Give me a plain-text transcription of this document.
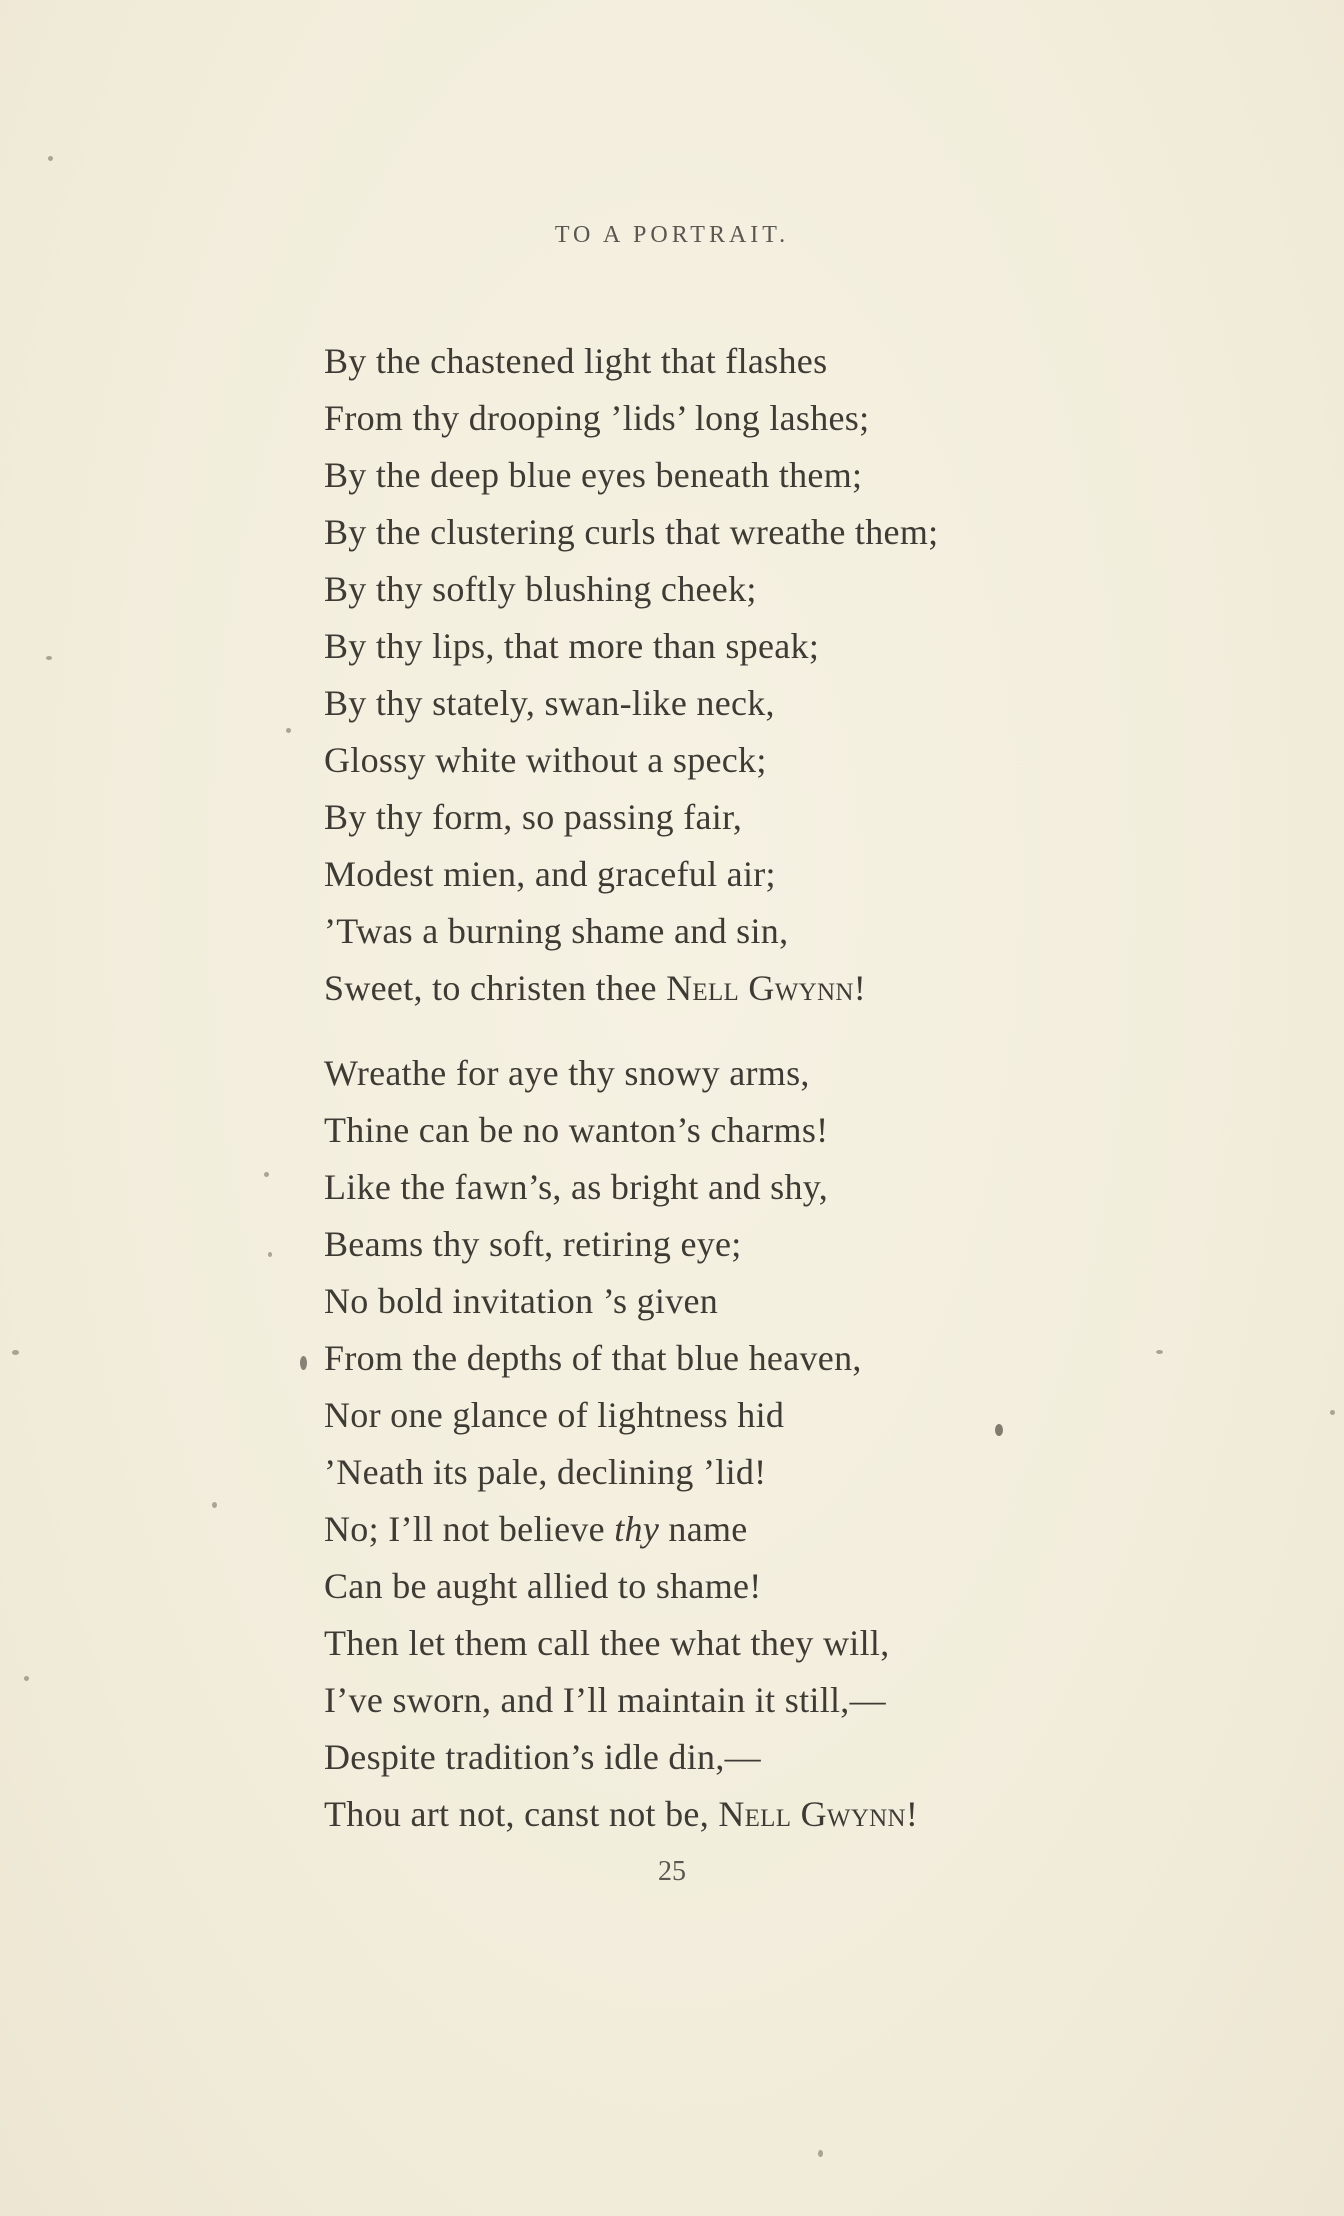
TO A PORTRAIT.
By the chastened light that flashes
From thy drooping ’lids’ long lashes;
By the deep blue eyes beneath them;
By the clustering curls that wreathe them;
By thy softly blushing cheek;
By thy lips, that more than speak;
By thy stately, swan-like neck,
Glossy white without a speck;
By thy form, so passing fair,
Modest mien, and graceful air;
’Twas a burning shame and sin,
Sweet, to christen thee Nell Gwynn!
Wreathe for aye thy snowy arms,
Thine can be no wanton’s charms!
Like the fawn’s, as bright and shy,
Beams thy soft, retiring eye;
No bold invitation ’s given
From the depths of that blue heaven,
Nor one glance of lightness hid
’Neath its pale, declining ’lid!
No; I’ll not believe thy name
Can be aught allied to shame!
Then let them call thee what they will,
I’ve sworn, and I’ll maintain it still,—
Despite tradition’s idle din,—
Thou art not, canst not be, Nell Gwynn!
25
